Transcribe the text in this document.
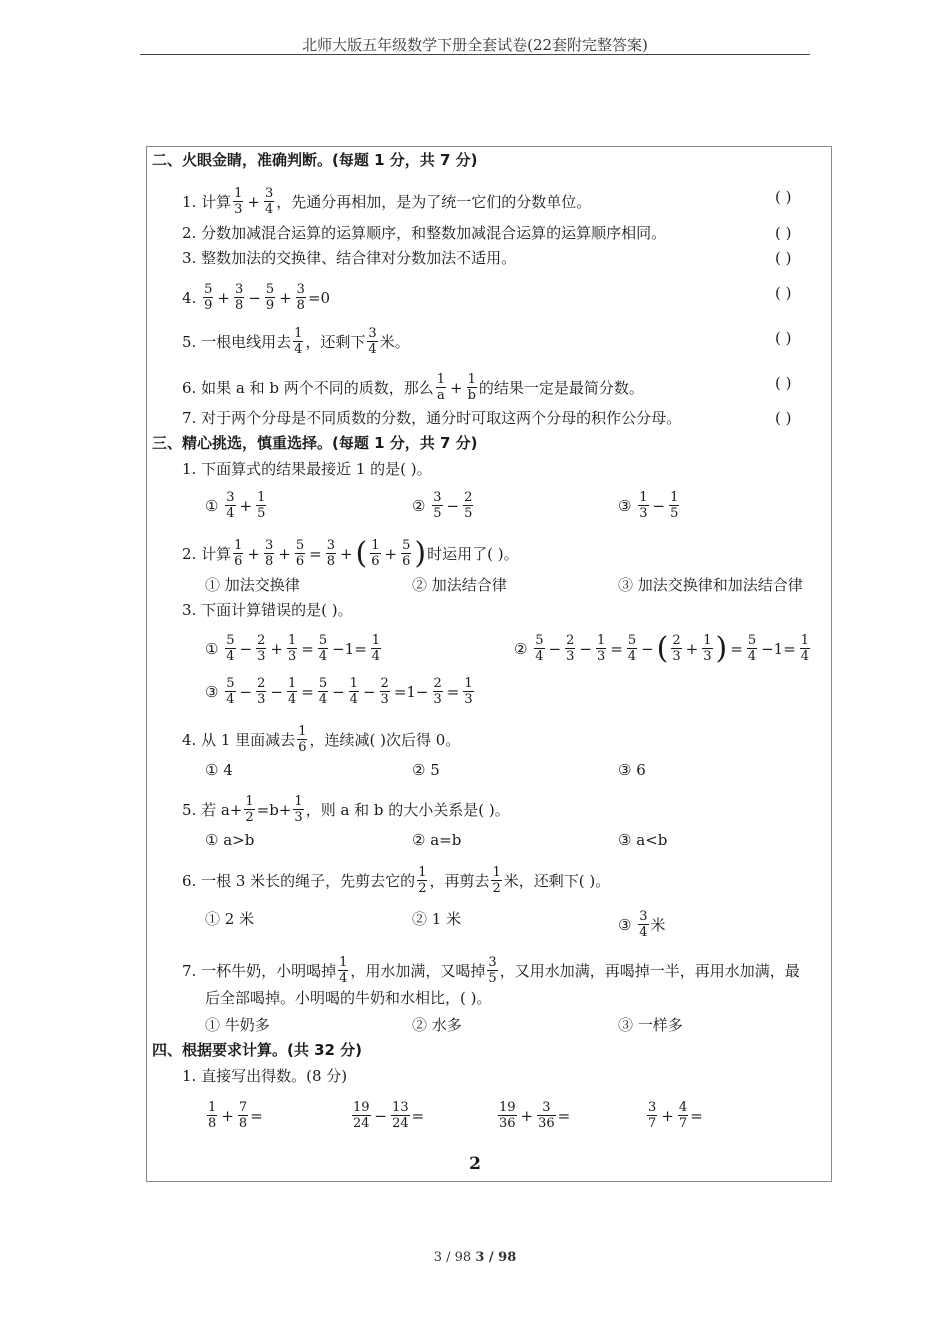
北师大版五年级数学下册全套试卷(22套附完整答案)
二、火眼金睛，准确判断。(每题 1 分，共 7 分)
1.
计算 1
$3 + \frac{3}{4}$ ，先通分再相加，是为了统一它们的分数单位。	( )
2.
分数加减混合运算的运算顺序，和整数加减混合运算的运算顺序相同。	( )
3.
整数加法的交换律、结合律对分数加法不适用。	( )
4.
5
$9 + \frac{3}{8} - \frac{5}{9} + \frac{3}{8} =0$	( )
5.
一根电线用去 1
4 ，还剩下 3
4 米。	( )
6.
如果 a 和 b 两个不同的质数，那么 1
$a + \frac{1}{b}$ 的结果一定是最简分数。	( )
7.
对于两个分母是不同质数的分数，通分时可取这两个分母的积作公分母。	( )
三、精心挑选，慎重选择。(每题 1 分，共 7 分)
1.
下面算式的结果最接近 1 的是( )。
①
3
$4 + \frac{1}{5}$	②
3
$5 - \frac{2}{5}$	③
1
$3 - \frac{1}{5}$
2.
计算 1
$6 + \frac{3}{8} + \frac{5}{6} = \frac{3}{8}$ + ( 1
$6 + \frac{5}{6}$ ) 时运用了( )。
① 加法交换律	② 加法结合律	③ 加法交换律和加法结合律
3.
下面计算错误的是( )。
①
5
$4 - \frac{2}{3} + \frac{1}{3} = \frac{5}{4} -1= \frac{1}{4}$	②
5
$4 - \frac{2}{3} - \frac{1}{3} = \frac{5}{4}$ − ( 2
$3 + \frac{1}{3}$ ) = $\frac{5}{4} -1= \frac{1}{4}$
③
5
$4 - \frac{2}{3} - \frac{1}{4} = \frac{5}{4} - \frac{1}{4} - \frac{2}{3} =1- \frac{2}{3} = \frac{1}{3}$
4.
从 1 里面减去 1
6 ，连续减( )次后得 0。
① 4	② 5	③ 6
5.
若 $a+ \frac{1}{2} =b+ \frac{1}{3}$ ，则 a 和 b 的大小关系是( )。
① a>b	② a=b	③ a<b
6.
一根 3 米长的绳子，先剪去它的 1
2 ，再剪去 1
2 米，还剩下( )。
① 2 米	② 1 米	③
3
4 米
7.
一杯牛奶，小明喝掉 1
4 ，用水加满，又喝掉 3
5 ，又用水加满，再喝掉一半，再用水加满，最
后全部喝掉。小明喝的牛奶和水相比，( )。
① 牛奶多	② 水多	③ 一样多
四、根据要求计算。(共 32 分)
1.
直接写出得数。(8 分)
1
$8 + \frac{7}{8}$ =	19
$24 - \frac{13}{24}$ =	19
$36 + \frac{3}{36}$ =	3
$7 + \frac{4}{7}$ =
2
3 / 98 3 / 98
